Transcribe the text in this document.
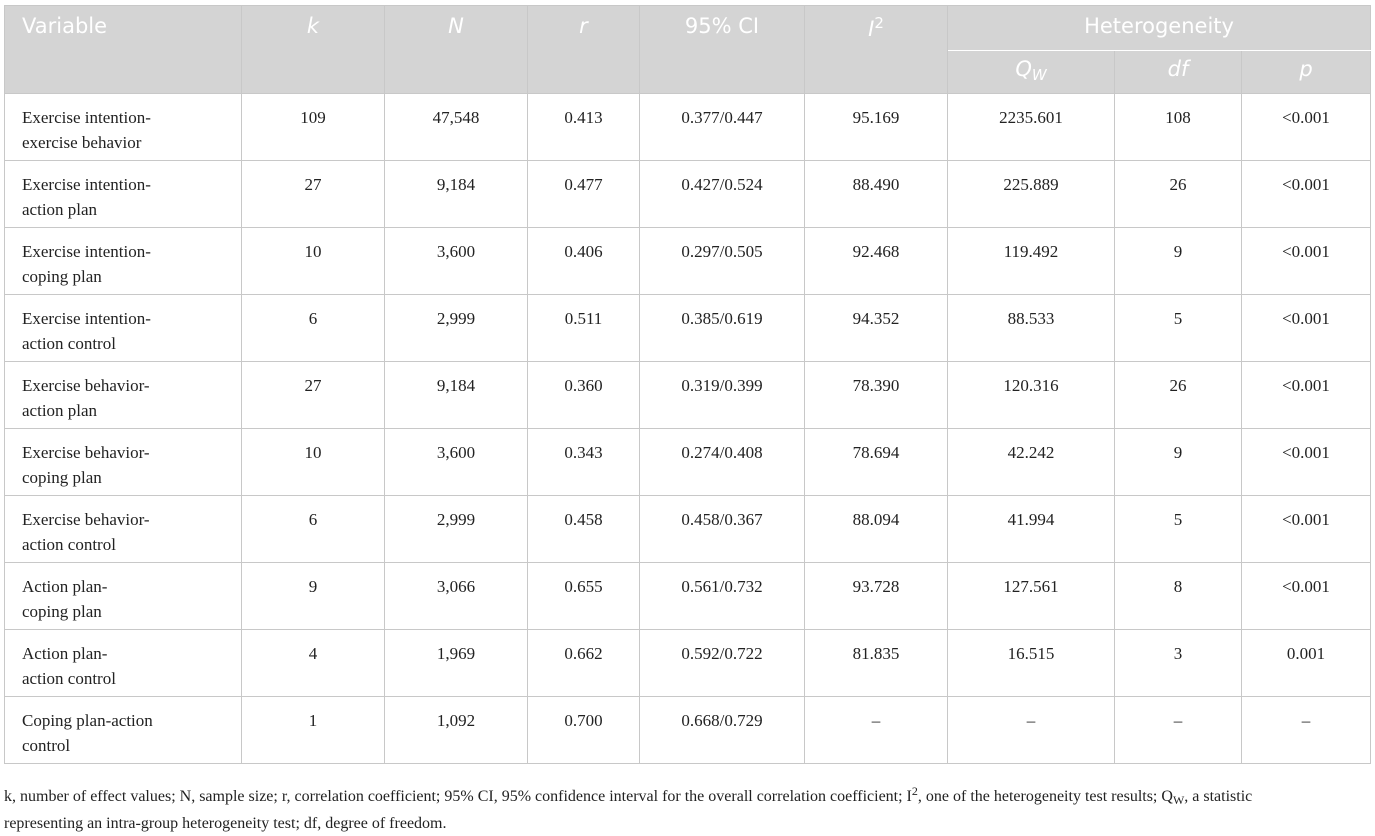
Variable	k	N	r	95% CI	$I^2$	Heterogeneity		
						$Q_W$	df	p

Exercise intention-
exercise behavior	109	47,548	0.413	0.377/0.447	95.169	2235.601	108	<0.001

Exercise intention-
action plan	27	9,184	0.477	0.427/0.524	88.490	225.889	26	<0.001

Exercise intention-
coping plan	10	3,600	0.406	0.297/0.505	92.468	119.492	9	<0.001

Exercise intention-
action control	6	2,999	0.511	0.385/0.619	94.352	88.533	5	<0.001

Exercise behavior-
action plan	27	9,184	0.360	0.319/0.399	78.390	120.316	26	<0.001

Exercise behavior-
coping plan	10	3,600	0.343	0.274/0.408	78.694	42.242	9	<0.001

Exercise behavior-
action control	6	2,999	0.458	0.458/0.367	88.094	41.994	5	<0.001

Action plan-
coping plan	9	3,066	0.655	0.561/0.732	93.728	127.561	8	<0.001

Action plan-
action control	4	1,969	0.662	0.592/0.722	81.835	16.515	3	0.001

Coping plan-action
control	1	1,092	0.700	0.668/0.729	–	–	–	–
k, number of effect values; N, sample size; r, correlation coefficient; 95% CI, 95% confidence interval for the overall correlation coefficient; $I^2$, one of the heterogeneity test results; QW, a statistic
representing an intra-group heterogeneity test; df, degree of freedom.
